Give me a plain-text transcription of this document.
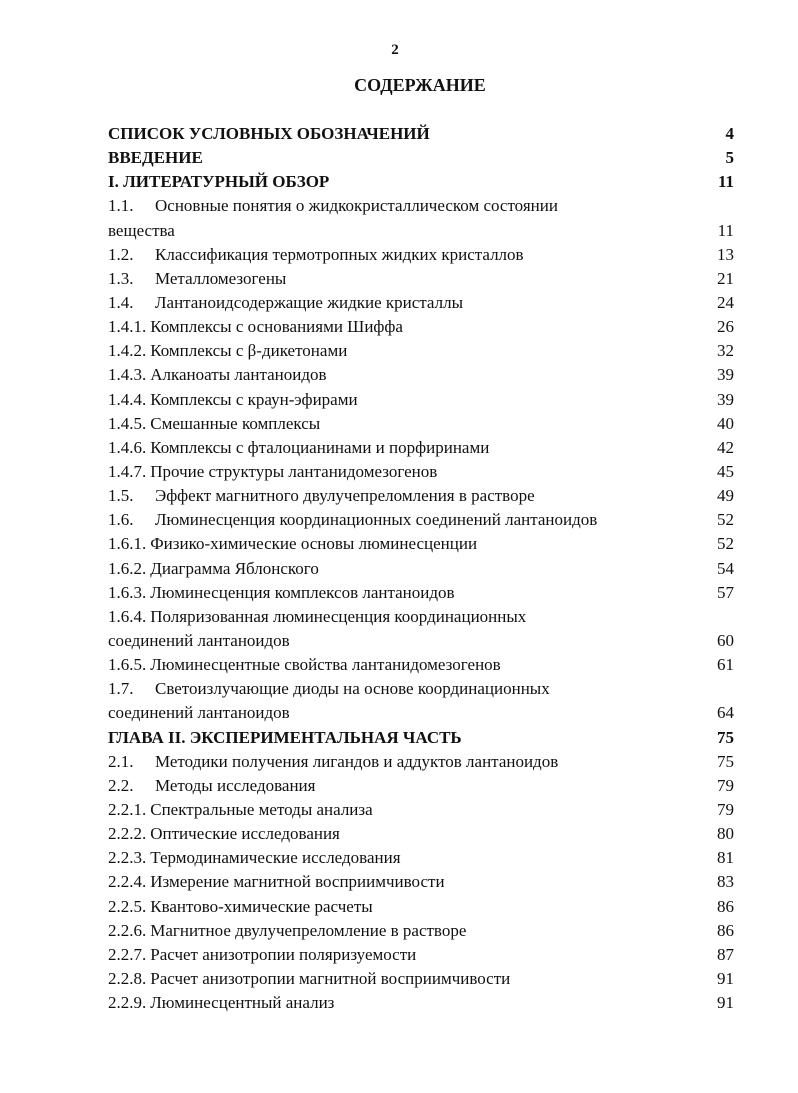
2
СОДЕРЖАНИЕ
СПИСОК УСЛОВНЫХ ОБОЗНАЧЕНИЙ	4
ВВЕДЕНИЕ	5
I. ЛИТЕРАТУРНЫЙ ОБЗОР	11
1.1. Основные понятия о жидкокристаллическом состоянии
вещества	11
1.2. Классификация термотропных жидких кристаллов	13
1.3. Металломезогены	21
1.4. Лантаноидсодержащие жидкие кристаллы	24
1.4.1. Комплексы с основаниями Шиффа	26
1.4.2. Комплексы с β-дикетонами	32
1.4.3. Алканоаты лантаноидов	39
1.4.4. Комплексы с краун-эфирами	39
1.4.5. Смешанные комплексы	40
1.4.6. Комплексы с фталоцианинами и порфиринами	42
1.4.7. Прочие структуры лантанидомезогенов	45
1.5. Эффект магнитного двулучепреломления в растворе	49
1.6. Люминесценция координационных соединений лантаноидов	52
1.6.1. Физико-химические основы люминесценции	52
1.6.2. Диаграмма Яблонского	54
1.6.3. Люминесценция комплексов лантаноидов	57
1.6.4. Поляризованная люминесценция координационных
соединений лантаноидов	60
1.6.5. Люминесцентные свойства лантанидомезогенов	61
1.7. Светоизлучающие диоды на основе координационных
соединений лантаноидов	64
ГЛАВА II. ЭКСПЕРИМЕНТАЛЬНАЯ ЧАСТЬ	75
2.1. Методики получения лигандов и аддуктов лантаноидов	75
2.2. Методы исследования	79
2.2.1. Спектральные методы анализа	79
2.2.2. Оптические исследования	80
2.2.3. Термодинамические исследования	81
2.2.4. Измерение магнитной восприимчивости	83
2.2.5. Квантово-химические расчеты	86
2.2.6. Магнитное двулучепреломление в растворе	86
2.2.7. Расчет анизотропии поляризуемости	87
2.2.8. Расчет анизотропии магнитной восприимчивости	91
2.2.9. Люминесцентный анализ	91
